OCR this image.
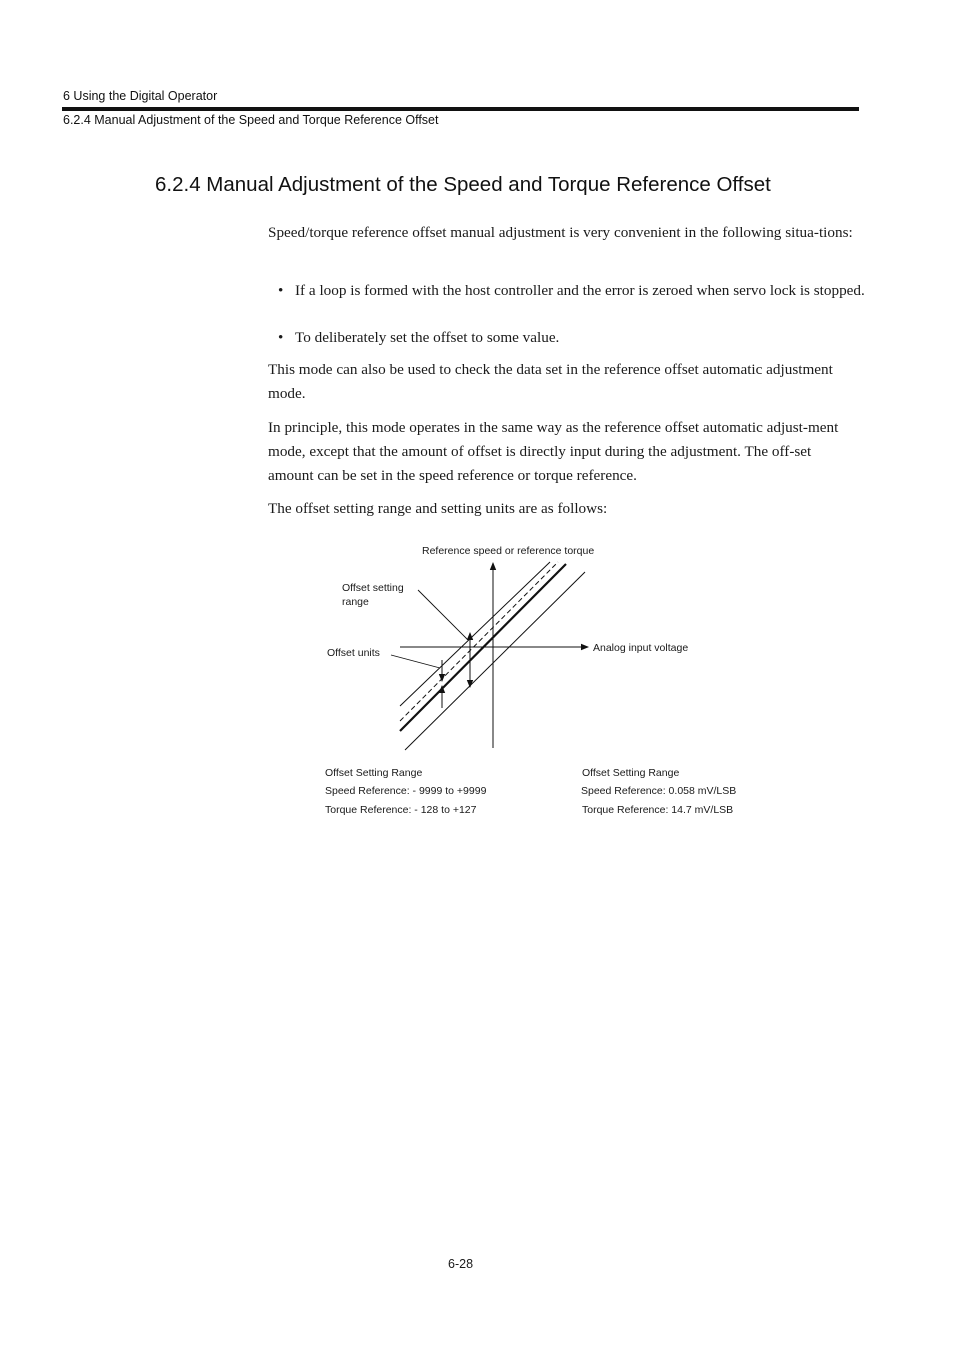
6 Using the Digital Operator
6.2.4 Manual Adjustment of the Speed and Torque Reference Offset
6.2.4 Manual Adjustment of the Speed and Torque Reference Offset

Speed/torque reference offset manual adjustment is very convenient in the following situa-tions:

• If a loop is formed with the host controller and the error is zeroed when servo lock is stopped.

• To deliberately set the offset to some value.

This mode can also be used to check the data set in the reference offset automatic adjustment mode.

In principle, this mode operates in the same way as the reference offset automatic adjust-ment mode, except that the amount of offset is directly input during the adjustment. The off-set amount can be set in the speed reference or torque reference.

The offset setting range and setting units are as follows:

Reference speed or reference torque
Analog input voltage
Offset setting
range
Offset units
Offset Setting Range
Speed Reference: - 9999 to +9999
Torque Reference: - 128 to +127
Offset Setting Range
Speed Reference: 0.058 mV/LSB
Torque Reference: 14.7 mV/LSB
6-28
